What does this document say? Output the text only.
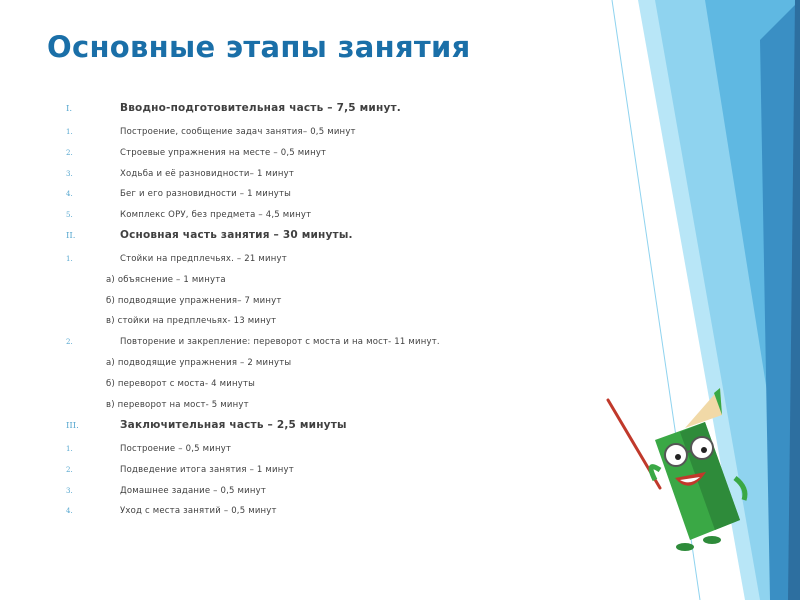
Основные этапы занятия
I.	Вводно-подготовительная часть – 7,5 минут.
1.	Построение, сообщение задач занятия– 0,5 минут
2.	Строевые упражнения на месте – 0,5 минут
3.	Ходьба и её разновидности– 1 минут
4.	Бег и его разновидности – 1 минуты
5.	Комплекс ОРУ, без предмета – 4,5 минут
II.	Основная часть занятия – 30 минуты.
1.	Стойки на предплечьях. – 21 минут
а) объяснение – 1 минута
б) подводящие упражнения– 7 минут
в) стойки на предплечьях- 13 минут
2.	Повторение и закрепление: переворот с моста и на мост- 11 минут.
а) подводящие упражнения – 2 минуты
б) переворот с моста- 4 минуты
в) переворот на мост- 5 минут
III.	Заключительная часть – 2,5 минуты
1.	Построение – 0,5 минут
2.	Подведение итога занятия – 1 минут
3.	Домашнее задание – 0,5 минут
4.	Уход с места занятий – 0,5 минут
